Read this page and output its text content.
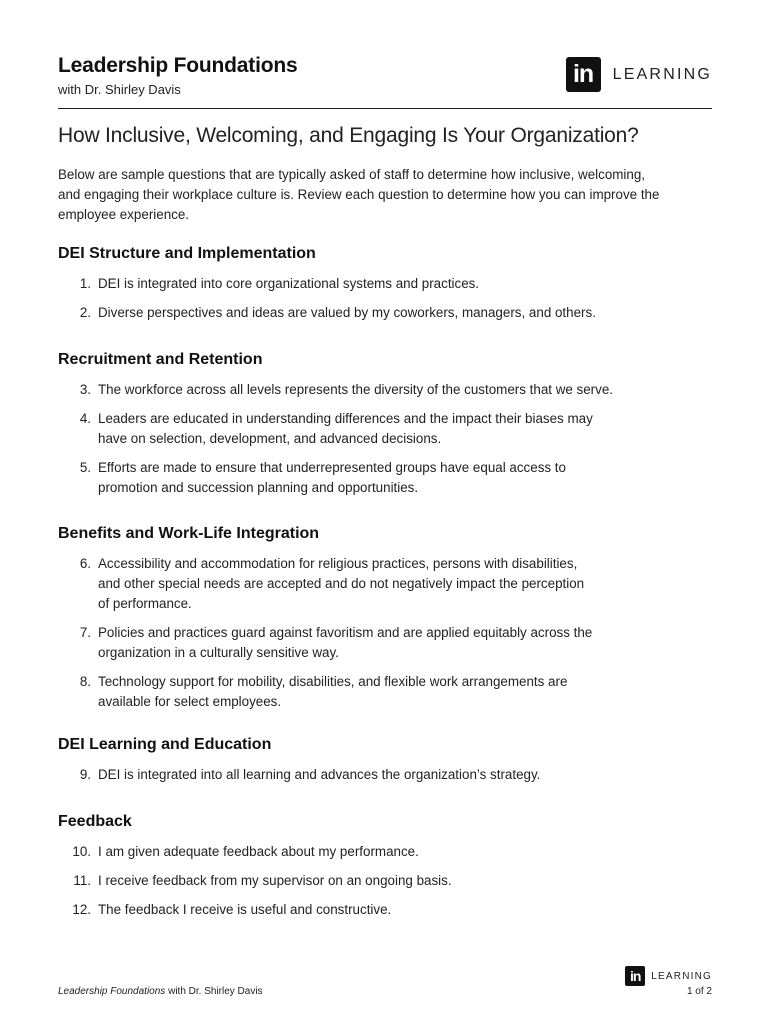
Leadership Foundations
with Dr. Shirley Davis
in	LEARNING
How Inclusive, Welcoming, and Engaging Is Your Organization?
Below are sample questions that are typically asked of staff to determine how inclusive, welcoming, and engaging their workplace culture is. Review each question to determine how you can improve the employee experience.
DEI Structure and Implementation
1. DEI is integrated into core organizational systems and practices.
2. Diverse perspectives and ideas are valued by my coworkers, managers, and others.
Recruitment and Retention
3. The workforce across all levels represents the diversity of the customers that we serve.
4. Leaders are educated in understanding differences and the impact their biases may have on selection, development, and advanced decisions.
5. Efforts are made to ensure that underrepresented groups have equal access to promotion and succession planning and opportunities.
Benefits and Work-Life Integration
6. Accessibility and accommodation for religious practices, persons with disabilities, and other special needs are accepted and do not negatively impact the perception of performance.
7. Policies and practices guard against favoritism and are applied equitably across the organization in a culturally sensitive way.
8. Technology support for mobility, disabilities, and flexible work arrangements are available for select employees.
DEI Learning and Education
9. DEI is integrated into all learning and advances the organization’s strategy.
Feedback
10. I am given adequate feedback about my performance.
11. I receive feedback from my supervisor on an ongoing basis.
12. The feedback I receive is useful and constructive.
Leadership Foundations with Dr. Shirley Davis
in	LEARNING
1 of 2
